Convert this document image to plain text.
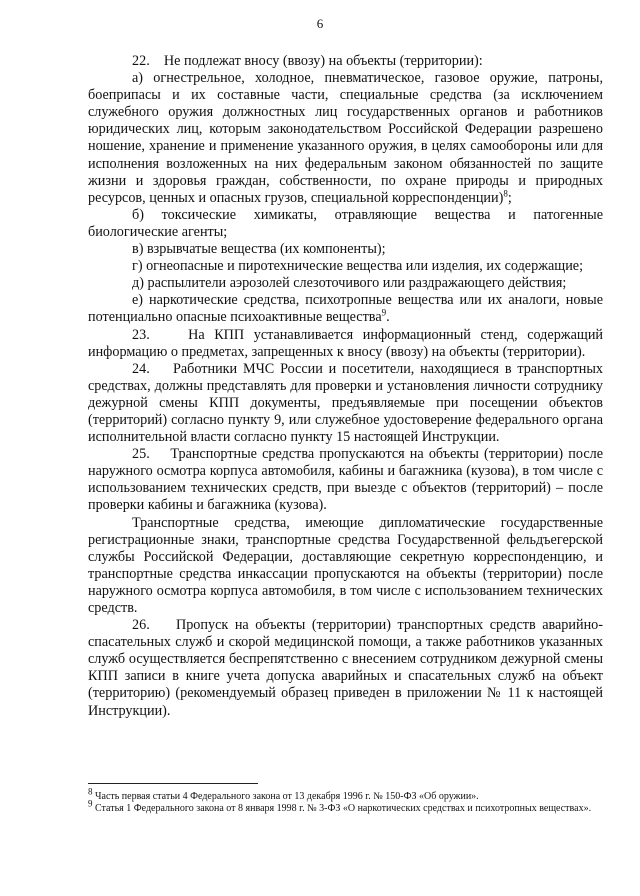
6

22. Не подлежат вносу (ввозу) на объекты (территории):

а) огнестрельное, холодное, пневматическое, газовое оружие, патроны, боеприпасы и их составные части, специальные средства (за исключением служебного оружия должностных лиц государственных органов и работников юридических лиц, которым законодательством Российской Федерации разрешено ношение, хранение и применение указанного оружия, в целях самообороны или для исполнения возложенных на них федеральным законом обязанностей по защите жизни и здоровья граждан, собственности, по охране природы и природных ресурсов, ценных и опасных грузов, специальной корреспонденции)$^8$;

б) токсические химикаты, отравляющие вещества и патогенные биологические агенты;

в) взрывчатые вещества (их компоненты);

г) огнеопасные и пиротехнические вещества или изделия, их содержащие;

д) распылители аэрозолей слезоточивого или раздражающего действия;

е) наркотические средства, психотропные вещества или их аналоги, новые потенциально опасные психоактивные вещества$^9$.

23.	На КПП устанавливается информационный стенд, содержащий информацию о предметах, запрещенных к вносу (ввозу) на объекты (территории).

24. Работники МЧС России и посетители, находящиеся в транспортных средствах, должны представлять для проверки и установления личности сотруднику дежурной смены КПП документы, предъявляемые при посещении объектов (территорий) согласно пункту 9, или служебное удостоверение федерального органа исполнительной власти согласно пункту 15 настоящей Инструкции.

25. Транспортные средства пропускаются на объекты (территории) после наружного осмотра корпуса автомобиля, кабины и багажника (кузова), в том числе с использованием технических средств, при выезде с объектов (территорий) – после проверки кабины и багажника (кузова).

Транспортные средства, имеющие дипломатические государственные регистрационные знаки, транспортные средства Государственной фельдъегерской службы Российской Федерации, доставляющие секретную корреспонденцию, и транспортные средства инкассации пропускаются на объекты (территории) после наружного осмотра корпуса автомобиля, в том числе с использованием технических средств.

26. Пропуск на объекты (территории) транспортных средств аварийно-спасательных служб и скорой медицинской помощи, а также работников указанных служб осуществляется беспрепятственно с внесением сотрудником дежурной смены КПП записи в книге учета допуска аварийных и спасательных служб на объект (территорию) (рекомендуемый образец приведен в приложении № 11 к настоящей Инструкции).

$^8$ Часть первая статьи 4 Федерального закона от 13 декабря 1996 г. № 150-ФЗ «Об оружии».

$^9$ Статья 1 Федерального закона от 8 января 1998 г. № 3-ФЗ «О наркотических средствах и психотропных веществах».
